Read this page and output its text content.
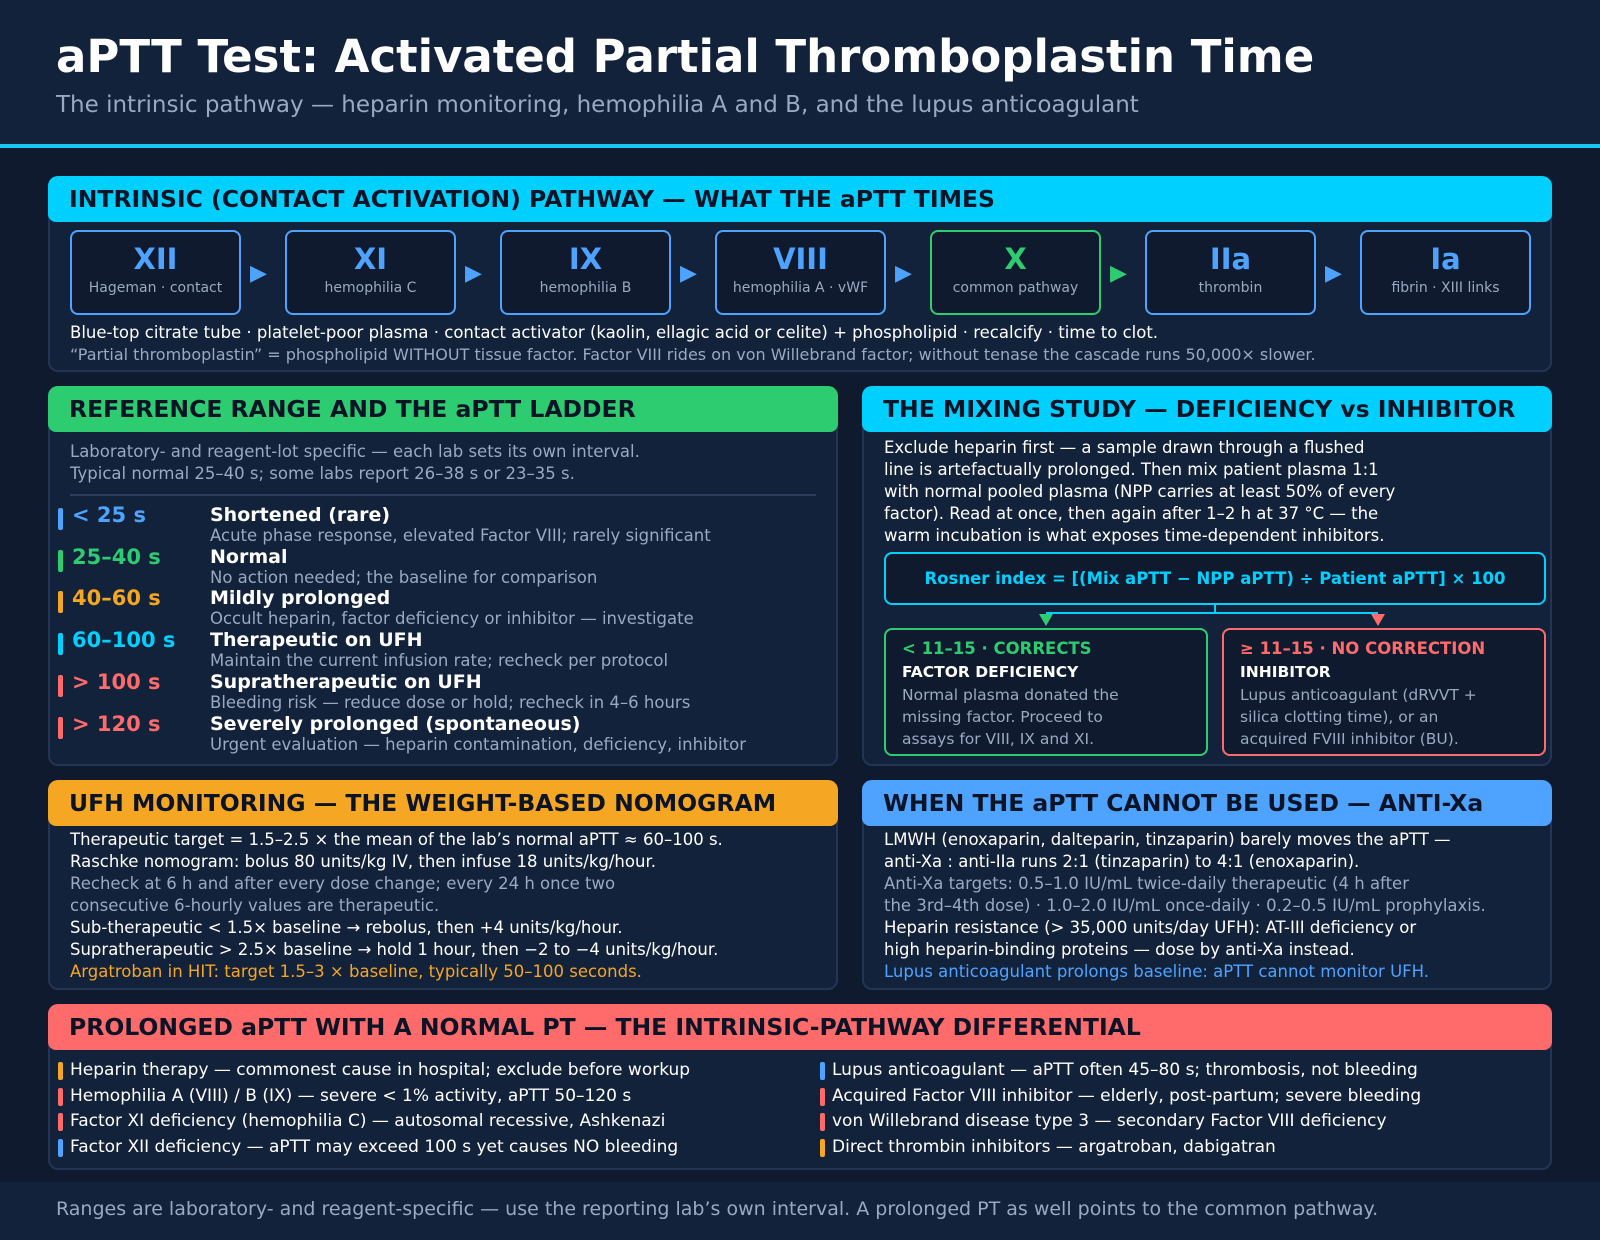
aPTT Test: Activated Partial Thromboplastin Time
The intrinsic pathway — heparin monitoring, hemophilia A and B, and the lupus anticoagulant
INTRINSIC (CONTACT ACTIVATION) PATHWAY — WHAT THE aPTT TIMES
XII
Hageman · contact
▶	XI
hemophilia C
▶	IX
hemophilia B
▶	VIII
hemophilia A · vWF
▶	X
common pathway
▶	IIa
thrombin
▶	Ia
fibrin · XIII links
Blue-top citrate tube · platelet-poor plasma · contact activator (kaolin, ellagic acid or celite) + phospholipid · recalcify · time to clot.
“Partial thromboplastin” = phospholipid WITHOUT tissue factor. Factor VIII rides on von Willebrand factor; without tenase the cascade runs 50,000× slower.
REFERENCE RANGE AND THE aPTT LADDER
Laboratory- and reagent-lot specific — each lab sets its own interval.
Typical normal 25–40 s; some labs report 26–38 s or 23–35 s.
< 25 s	Shortened (rare)
Acute phase response, elevated Factor VIII; rarely significant
25–40 s	Normal
No action needed; the baseline for comparison
40–60 s	Mildly prolonged
Occult heparin, factor deficiency or inhibitor — investigate
60–100 s Therapeutic on UFH
Maintain the current infusion rate; recheck per protocol
> 100 s	Supratherapeutic on UFH
Bleeding risk — reduce dose or hold; recheck in 4–6 hours
> 120 s	Severely prolonged (spontaneous)
Urgent evaluation — heparin contamination, deficiency, inhibitor
THE MIXING STUDY — DEFICIENCY vs INHIBITOR
Exclude heparin first — a sample drawn through a flushed
line is artefactually prolonged. Then mix patient plasma 1:1
with normal pooled plasma (NPP carries at least 50% of every
factor). Read at once, then again after 1–2 h at 37 °C — the
warm incubation is what exposes time-dependent inhibitors.
Rosner index = [(Mix aPTT − NPP aPTT) ÷ Patient aPTT] × 100
< 11–15 · CORRECTS
FACTOR DEFICIENCY
Normal plasma donated the
missing factor. Proceed to
assays for VIII, IX and XI.
≥ 11–15 · NO CORRECTION
INHIBITOR
Lupus anticoagulant (dRVVT +
silica clotting time), or an
acquired FVIII inhibitor (BU).
UFH MONITORING — THE WEIGHT-BASED NOMOGRAM
Therapeutic target = 1.5–2.5 × the mean of the lab’s normal aPTT ≈ 60–100 s.
Raschke nomogram: bolus 80 units/kg IV, then infuse 18 units/kg/hour.
Recheck at 6 h and after every dose change; every 24 h once two
consecutive 6-hourly values are therapeutic.
Sub-therapeutic < 1.5× baseline → rebolus, then +4 units/kg/hour.
Supratherapeutic > 2.5× baseline → hold 1 hour, then −2 to −4 units/kg/hour.
Argatroban in HIT: target 1.5–3 × baseline, typically 50–100 seconds.
WHEN THE aPTT CANNOT BE USED — ANTI-Xa
LMWH (enoxaparin, dalteparin, tinzaparin) barely moves the aPTT —
anti-Xa : anti-IIa runs 2:1 (tinzaparin) to 4:1 (enoxaparin).
Anti-Xa targets: 0.5–1.0 IU/mL twice-daily therapeutic (4 h after
the 3rd–4th dose) · 1.0–2.0 IU/mL once-daily · 0.2–0.5 IU/mL prophylaxis.
Heparin resistance (> 35,000 units/day UFH): AT-III deficiency or
high heparin-binding proteins — dose by anti-Xa instead.
Lupus anticoagulant prolongs baseline: aPTT cannot monitor UFH.
PROLONGED aPTT WITH A NORMAL PT — THE INTRINSIC-PATHWAY DIFFERENTIAL
Heparin therapy — commonest cause in hospital; exclude before workup
Hemophilia A (VIII) / B (IX) — severe < 1% activity, aPTT 50–120 s
Factor XI deficiency (hemophilia C) — autosomal recessive, Ashkenazi
Factor XII deficiency — aPTT may exceed 100 s yet causes NO bleeding
Lupus anticoagulant — aPTT often 45–80 s; thrombosis, not bleeding
Acquired Factor VIII inhibitor — elderly, post-partum; severe bleeding
von Willebrand disease type 3 — secondary Factor VIII deficiency
Direct thrombin inhibitors — argatroban, dabigatran
Ranges are laboratory- and reagent-specific — use the reporting lab’s own interval. A prolonged PT as well points to the common pathway.
